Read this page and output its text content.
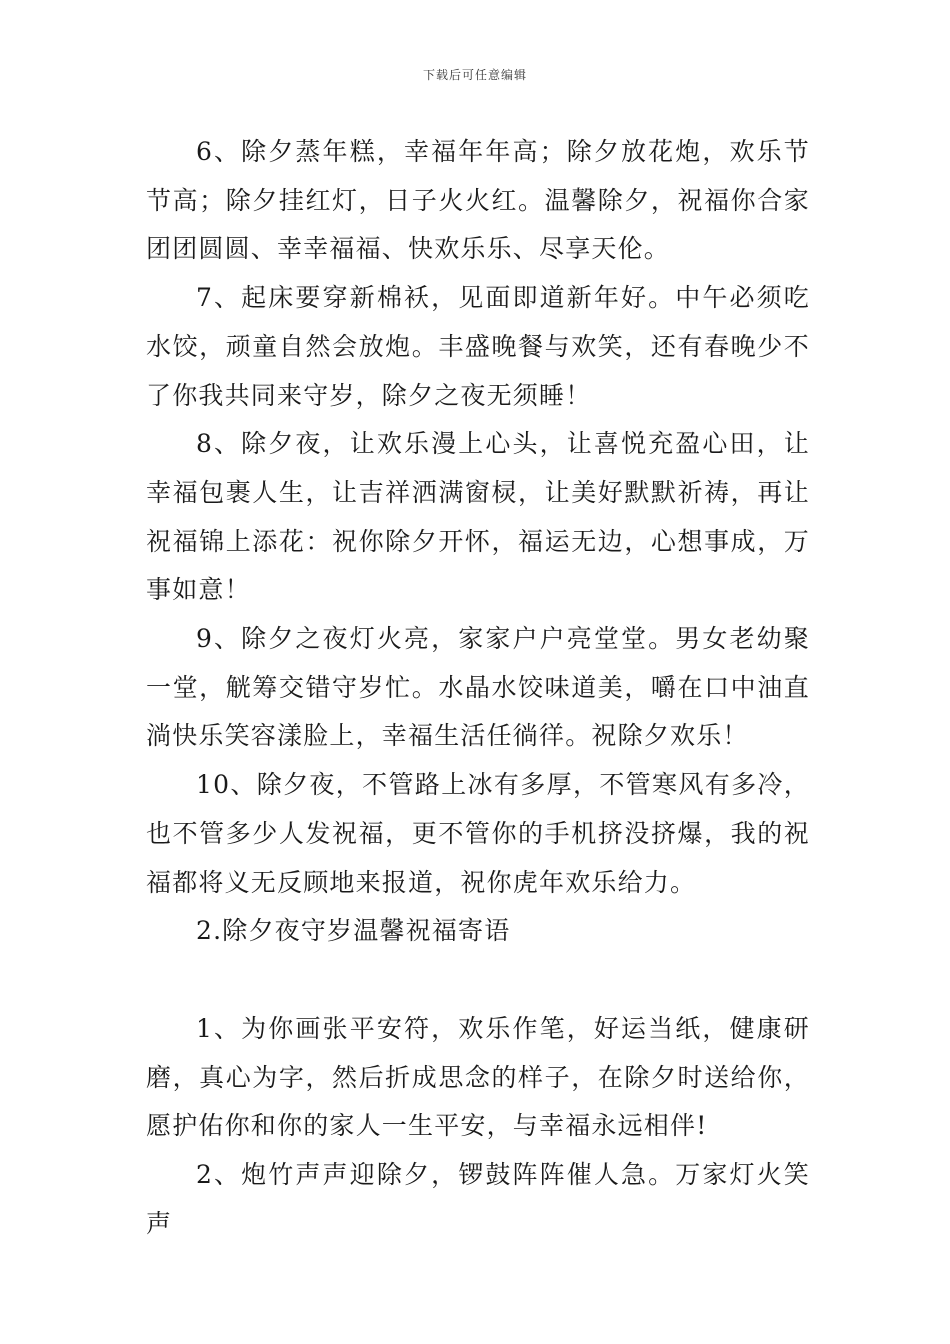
下载后可任意编辑

6、除夕蒸年糕，幸福年年高；除夕放花炮，欢乐节节高；除夕挂红灯，日子火火红。温馨除夕，祝福你合家团团圆圆、幸幸福福、快欢乐乐、尽享天伦。

7、起床要穿新棉袄，见面即道新年好。中午必须吃水饺，顽童自然会放炮。丰盛晚餐与欢笑，还有春晚少不了你我共同来守岁，除夕之夜无须睡！

8、除夕夜，让欢乐漫上心头，让喜悦充盈心田，让幸福包裹人生，让吉祥洒满窗棂，让美好默默祈祷，再让祝福锦上添花：祝你除夕开怀，福运无边，心想事成，万事如意！

9、除夕之夜灯火亮，家家户户亮堂堂。男女老幼聚一堂，觥筹交错守岁忙。水晶水饺味道美，嚼在口中油直淌快乐笑容漾脸上，幸福生活任徜徉。祝除夕欢乐！

10、除夕夜，不管路上冰有多厚，不管寒风有多冷，也不管多少人发祝福，更不管你的手机挤没挤爆，我的祝福都将义无反顾地来报道，祝你虎年欢乐给力。

2.除夕夜守岁温馨祝福寄语

1、为你画张平安符，欢乐作笔，好运当纸，健康研磨，真心为字，然后折成思念的样子，在除夕时送给你，愿护佑你和你的家人一生平安，与幸福永远相伴!

2、炮竹声声迎除夕，锣鼓阵阵催人急。万家灯火笑声
